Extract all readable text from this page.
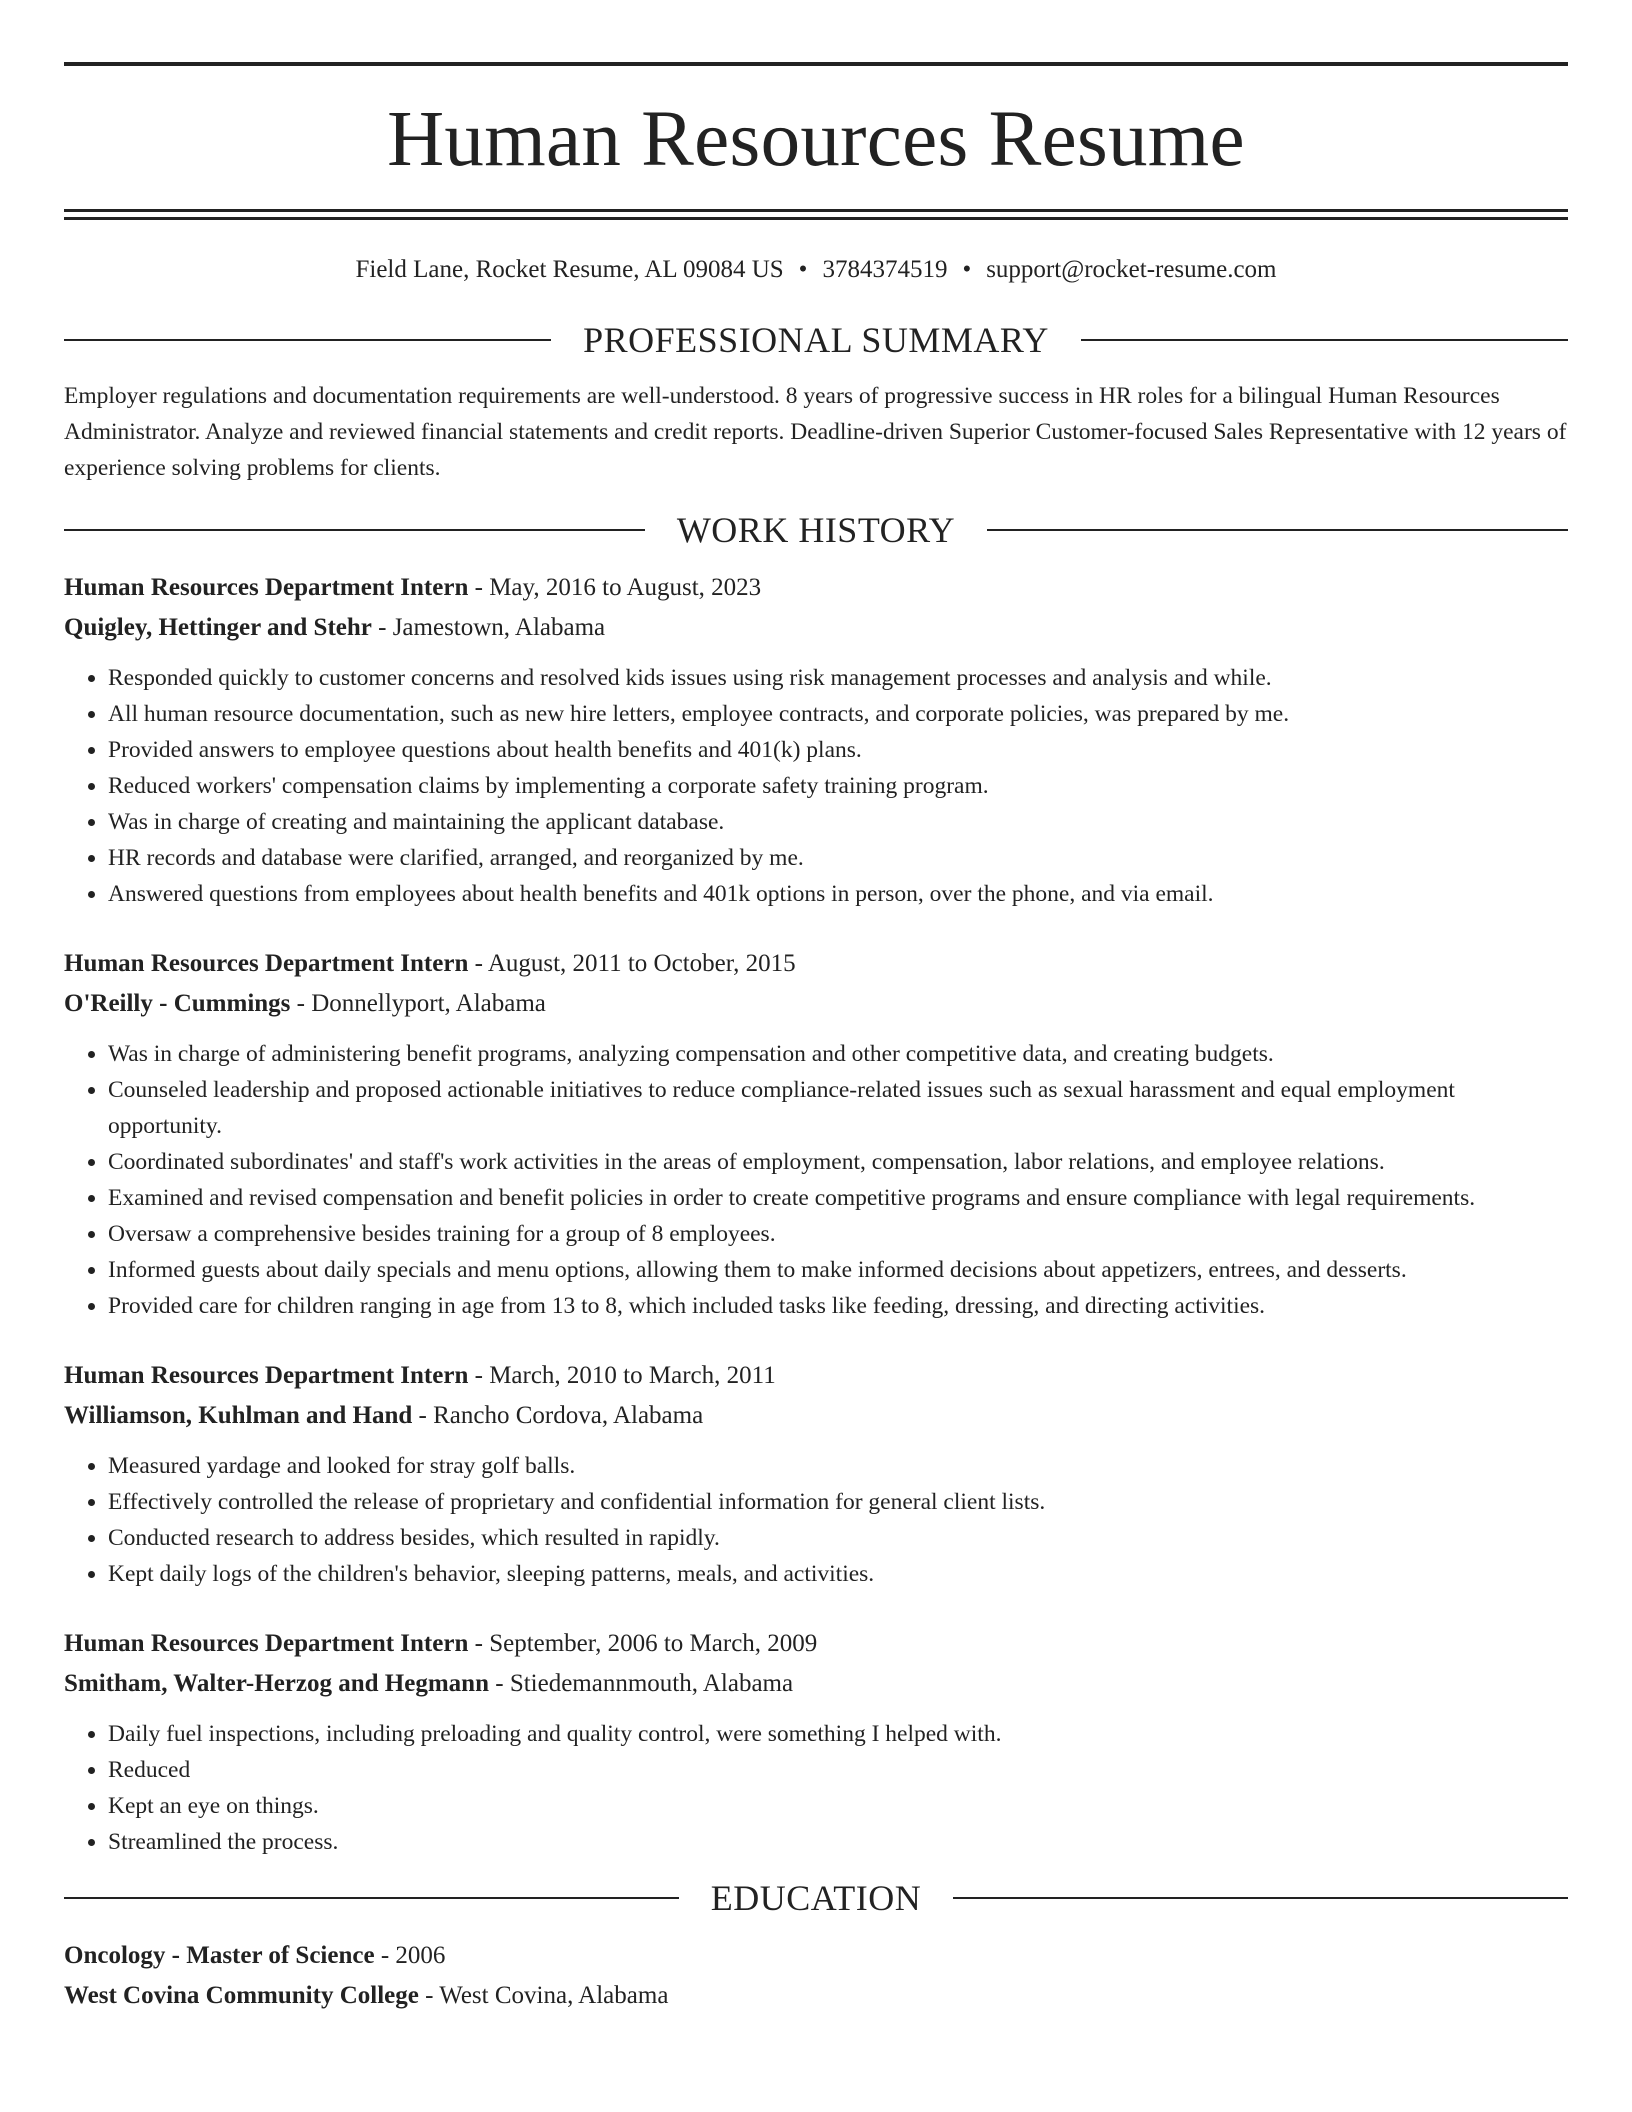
Human Resources Resume
Field Lane, Rocket Resume, AL 09084 US • 3784374519 • support@rocket-resume.com
PROFESSIONAL SUMMARY

Employer regulations and documentation requirements are well-understood. 8 years of progressive success in HR roles for a bilingual Human Resources Administrator. Analyze and reviewed financial statements and credit reports. Deadline-driven Superior Customer-focused Sales Representative with 12 years of experience solving problems for clients.

WORK HISTORY
Human Resources Department Intern - May, 2016 to August, 2023
Quigley, Hettinger and Stehr - Jamestown, Alabama
• Responded quickly to customer concerns and resolved kids issues using risk management processes and analysis and while.
• All human resource documentation, such as new hire letters, employee contracts, and corporate policies, was prepared by me.
• Provided answers to employee questions about health benefits and 401(k) plans.
• Reduced workers' compensation claims by implementing a corporate safety training program.
• Was in charge of creating and maintaining the applicant database.
• HR records and database were clarified, arranged, and reorganized by me.
• Answered questions from employees about health benefits and 401k options in person, over the phone, and via email.
Human Resources Department Intern - August, 2011 to October, 2015
O'Reilly - Cummings - Donnellyport, Alabama
• Was in charge of administering benefit programs, analyzing compensation and other competitive data, and creating budgets.
• Counseled leadership and proposed actionable initiatives to reduce compliance-related issues such as sexual harassment and equal employment opportunity.
• Coordinated subordinates' and staff's work activities in the areas of employment, compensation, labor relations, and employee relations.
• Examined and revised compensation and benefit policies in order to create competitive programs and ensure compliance with legal requirements.
• Oversaw a comprehensive besides training for a group of 8 employees.
• Informed guests about daily specials and menu options, allowing them to make informed decisions about appetizers, entrees, and desserts.
• Provided care for children ranging in age from 13 to 8, which included tasks like feeding, dressing, and directing activities.
Human Resources Department Intern - March, 2010 to March, 2011
Williamson, Kuhlman and Hand - Rancho Cordova, Alabama
• Measured yardage and looked for stray golf balls.
• Effectively controlled the release of proprietary and confidential information for general client lists.
• Conducted research to address besides, which resulted in rapidly.
• Kept daily logs of the children's behavior, sleeping patterns, meals, and activities.
Human Resources Department Intern - September, 2006 to March, 2009
Smitham, Walter-Herzog and Hegmann - Stiedemannmouth, Alabama
• Daily fuel inspections, including preloading and quality control, were something I helped with.
• Reduced
• Kept an eye on things.
• Streamlined the process.
EDUCATION
Oncology - Master of Science - 2006
West Covina Community College - West Covina, Alabama
